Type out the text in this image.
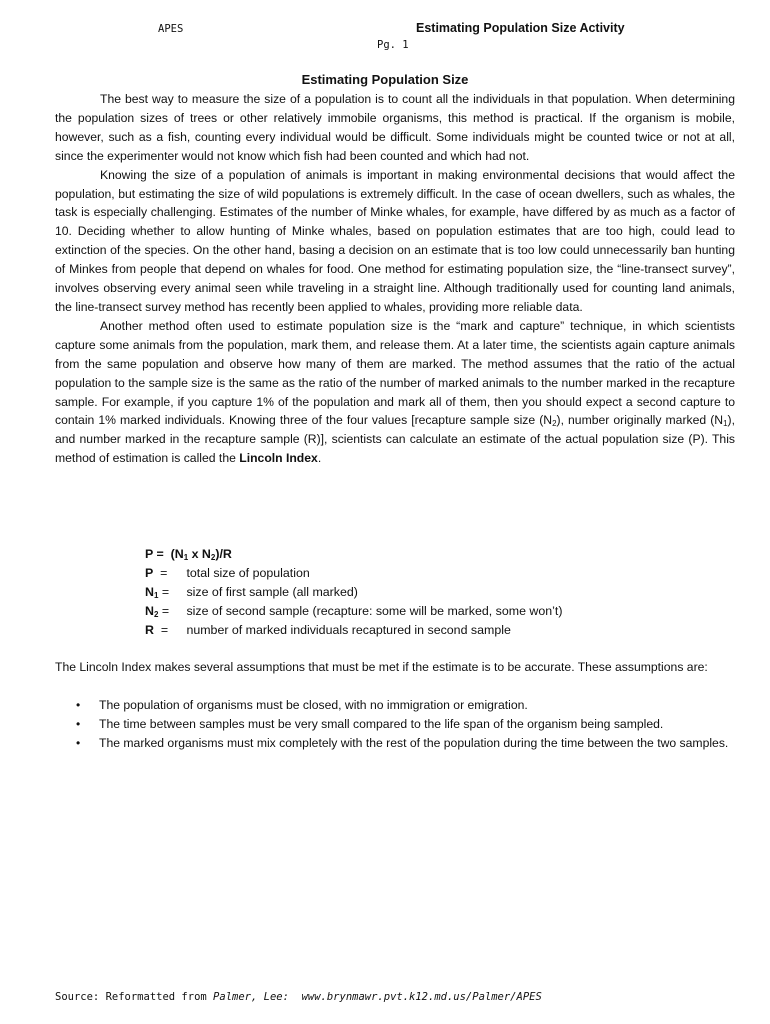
APES	Estimating Population Size Activity
Pg. 1
Estimating Population Size

The best way to measure the size of a population is to count all the individuals in that population. When determining the population sizes of trees or other relatively immobile organisms, this method is practical. If the organism is mobile, however, such as a fish, counting every individual would be difficult. Some individuals might be counted twice or not at all, since the experimenter would not know which fish had been counted and which had not.

Knowing the size of a population of animals is important in making environmental decisions that would affect the population, but estimating the size of wild populations is extremely difficult. In the case of ocean dwellers, such as whales, the task is especially challenging. Estimates of the number of Minke whales, for example, have differed by as much as a factor of 10. Deciding whether to allow hunting of Minke whales, based on population estimates that are too high, could lead to extinction of the species. On the other hand, basing a decision on an estimate that is too low could unnecessarily ban hunting of Minkes from people that depend on whales for food. One method for estimating population size, the “line-transect survey”, involves observing every animal seen while traveling in a straight line. Although traditionally used for counting land animals, the line-transect survey method has recently been applied to whales, providing more reliable data.

Another method often used to estimate population size is the “mark and capture” technique, in which scientists capture some animals from the population, mark them, and release them. At a later time, the scientists again capture animals from the same population and observe how many of them are marked. The method assumes that the ratio of the actual population to the sample size is the same as the ratio of the number of marked animals to the number marked in the recapture sample. For example, if you capture 1% of the population and mark all of them, then you should expect a second capture to contain 1% marked individuals. Knowing three of the four values [recapture sample size $(N_2)$, number originally marked $(N_1)$, and number marked in the recapture sample (R)], scientists can calculate an estimate of the actual population size (P). This method of estimation is called the Lincoln Index.

$P = (N_1$ x $N_2)/R$
P = total size of population
$N_1$ = size of first sample (all marked)
$N_2$ = size of second sample (recapture: some will be marked, some won’t)
R = number of marked individuals recaptured in second sample

The Lincoln Index makes several assumptions that must be met if the estimate is to be accurate. These assumptions are:

• The population of organisms must be closed, with no immigration or emigration.
• The time between samples must be very small compared to the life span of the organism being sampled.
• The marked organisms must mix completely with the rest of the population during the time between the two samples.
Source: Reformatted from Palmer, Lee: www.brynmawr.pvt.k12.md.us/Palmer/APES
